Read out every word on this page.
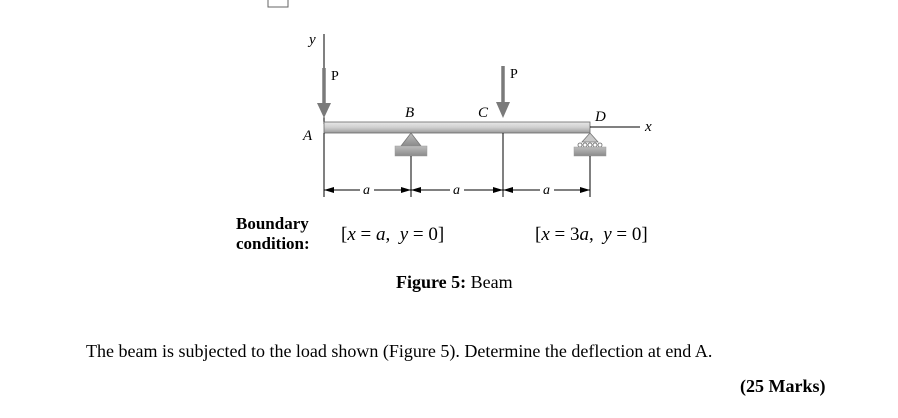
y
P	P
A
B	C	D
x
a	a	a
Boundary
condition: [x = a,  y = 0]	[x = 3a,  y = 0]
Figure 5: Beam
The beam is subjected to the load shown (Figure 5). Determine the deflection at end A.
(25 Marks)
